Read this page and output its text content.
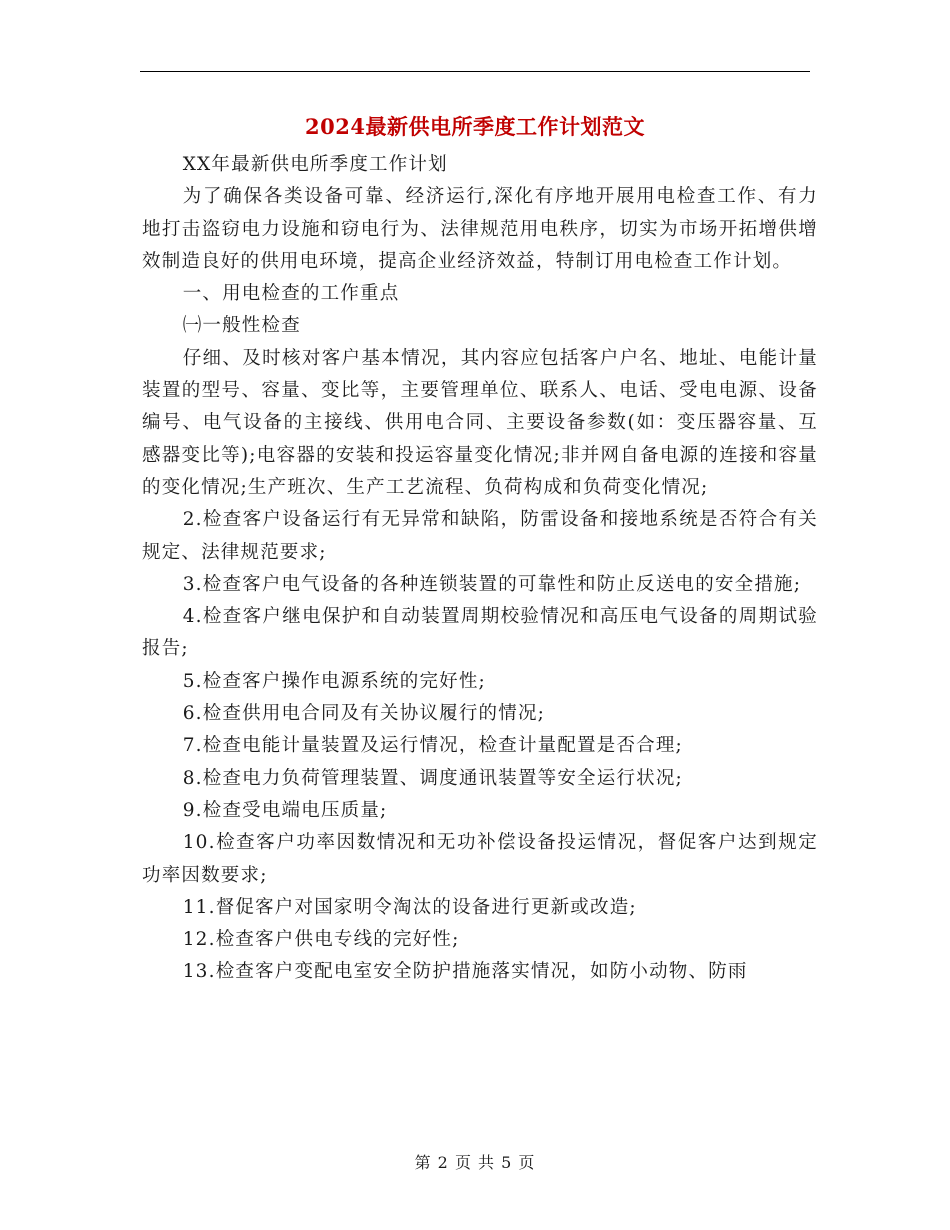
2024最新供电所季度工作计划范文

XX年最新供电所季度工作计划

为了确保各类设备可靠、经济运行,深化有序地开展用电检查工作、有力地打击盗窃电力设施和窃电行为、法律规范用电秩序，切实为市场开拓增供增效制造良好的供用电环境，提高企业经济效益，特制订用电检查工作计划。

一、用电检查的工作重点

㈠一般性检查

仔细、及时核对客户基本情况，其内容应包括客户户名、地址、电能计量装置的型号、容量、变比等，主要管理单位、联系人、电话、受电电源、设备编号、电气设备的主接线、供用电合同、主要设备参数(如：变压器容量、互感器变比等);电容器的安装和投运容量变化情况;非并网自备电源的连接和容量的变化情况;生产班次、生产工艺流程、负荷构成和负荷变化情况;

2.检查客户设备运行有无异常和缺陷，防雷设备和接地系统是否符合有关规定、法律规范要求;

3.检查客户电气设备的各种连锁装置的可靠性和防止反送电的安全措施;

4.检查客户继电保护和自动装置周期校验情况和高压电气设备的周期试验报告;

5.检查客户操作电源系统的完好性;

6.检查供用电合同及有关协议履行的情况;

7.检查电能计量装置及运行情况，检查计量配置是否合理;

8.检查电力负荷管理装置、调度通讯装置等安全运行状况;

9.检查受电端电压质量;

10.检查客户功率因数情况和无功补偿设备投运情况，督促客户达到规定功率因数要求;

11.督促客户对国家明令淘汰的设备进行更新或改造;

12.检查客户供电专线的完好性;

13.检查客户变配电室安全防护措施落实情况，如防小动物、防雨

第 2 页 共 5 页
